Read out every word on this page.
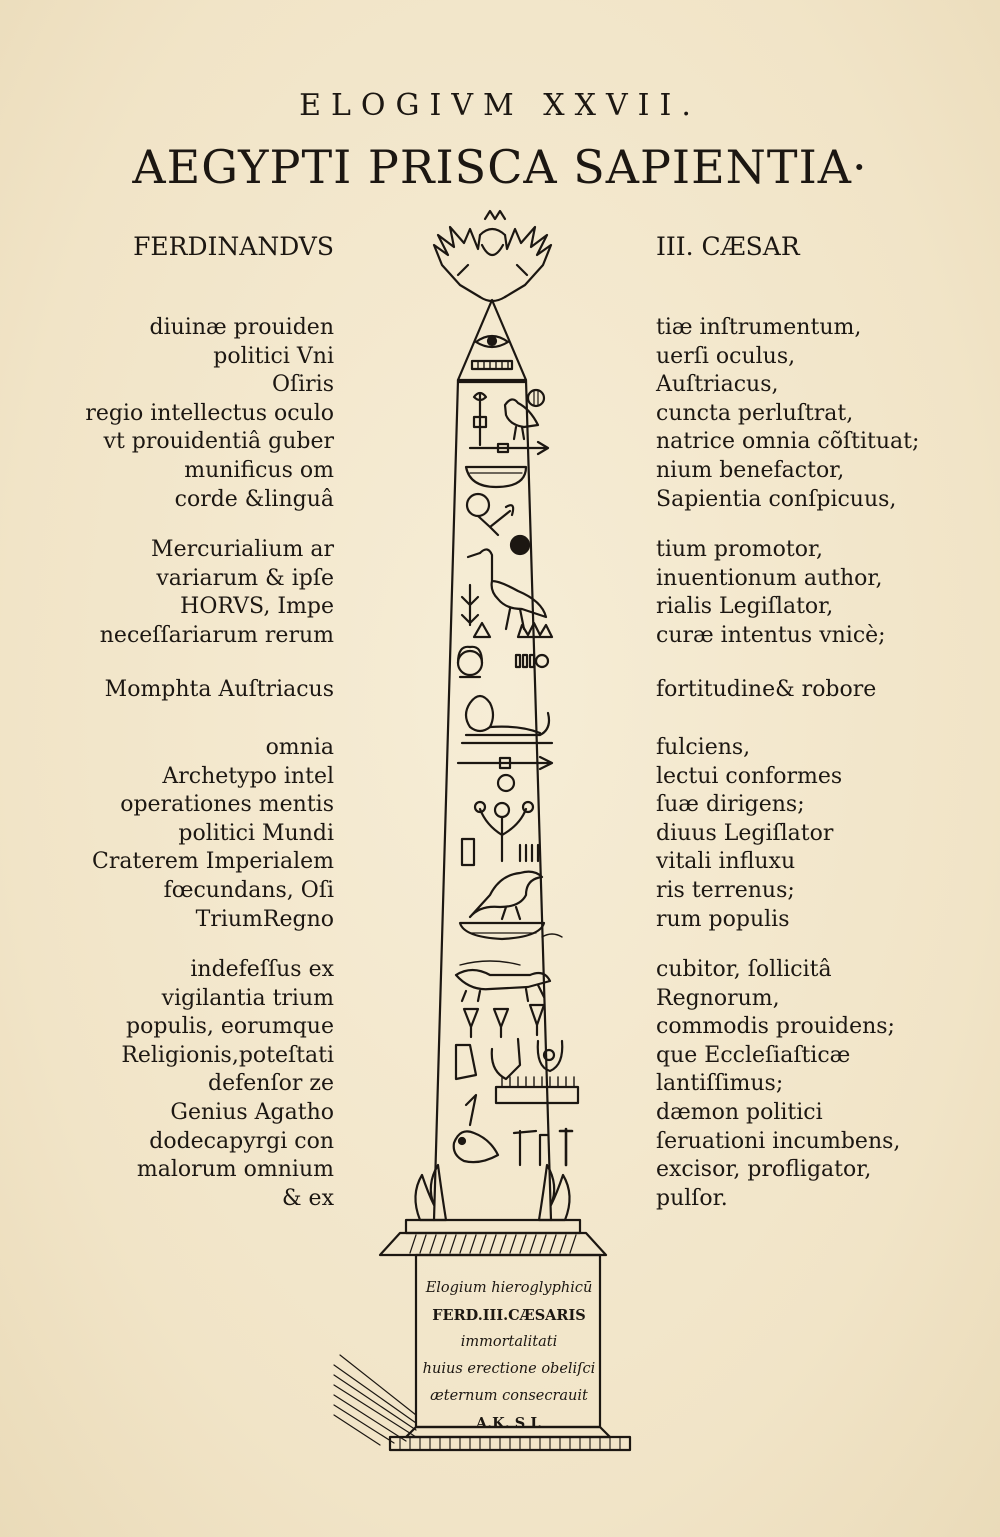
ELOGIVM XXVII.
AEGYPTI PRISCA SAPIENTIA·
FERDINANDVS	III. CÆSAR
diuinæ prouiden
politici Vni
Oſiris
regio intellectus oculo
vt prouidentiâ guber
munificus om
corde &linguâ
Mercurialium ar
variarum & ipſe
HORVS, Impe
neceſſariarum rerum
Momphta Auſtriacus
omnia
Archetypo intel
operationes mentis
politici Mundi
Craterem Imperialem
fœcundans, Oſi
TriumRegno
indefeſſus ex
vigilantia trium
populis, eorumque
Religionis,poteſtati
defenſor ze
Genius Agatho
dodecapyrgi con
malorum omnium
& ex
tiæ inſtrumentum,
uerſi oculus,
Auſtriacus,
cuncta perluſtrat,
natrice omnia cõſtituat;
nium benefactor,
Sapientia conſpicuus,
tium promotor,
inuentionum author,
rialis Legiſlator,
curæ intentus vnicè;
fortitudine& robore
fulciens,
lectui conformes
ſuæ dirigens;
diuus Legiſlator
vitali influxu
ris terrenus;
rum populis
cubitor, ſollicitâ
Regnorum,
commodis prouidens;
que Eccleſiaſticæ
lantiſſimus;
dæmon politici
ſeruationi incumbens,
excisor, profligator,
pulſor.
Elogium hieroglyphicū
FERD.III.CÆSARIS
immortalitati
huius erectione obeliſci
æternum consecrauit
A.K. S I.
